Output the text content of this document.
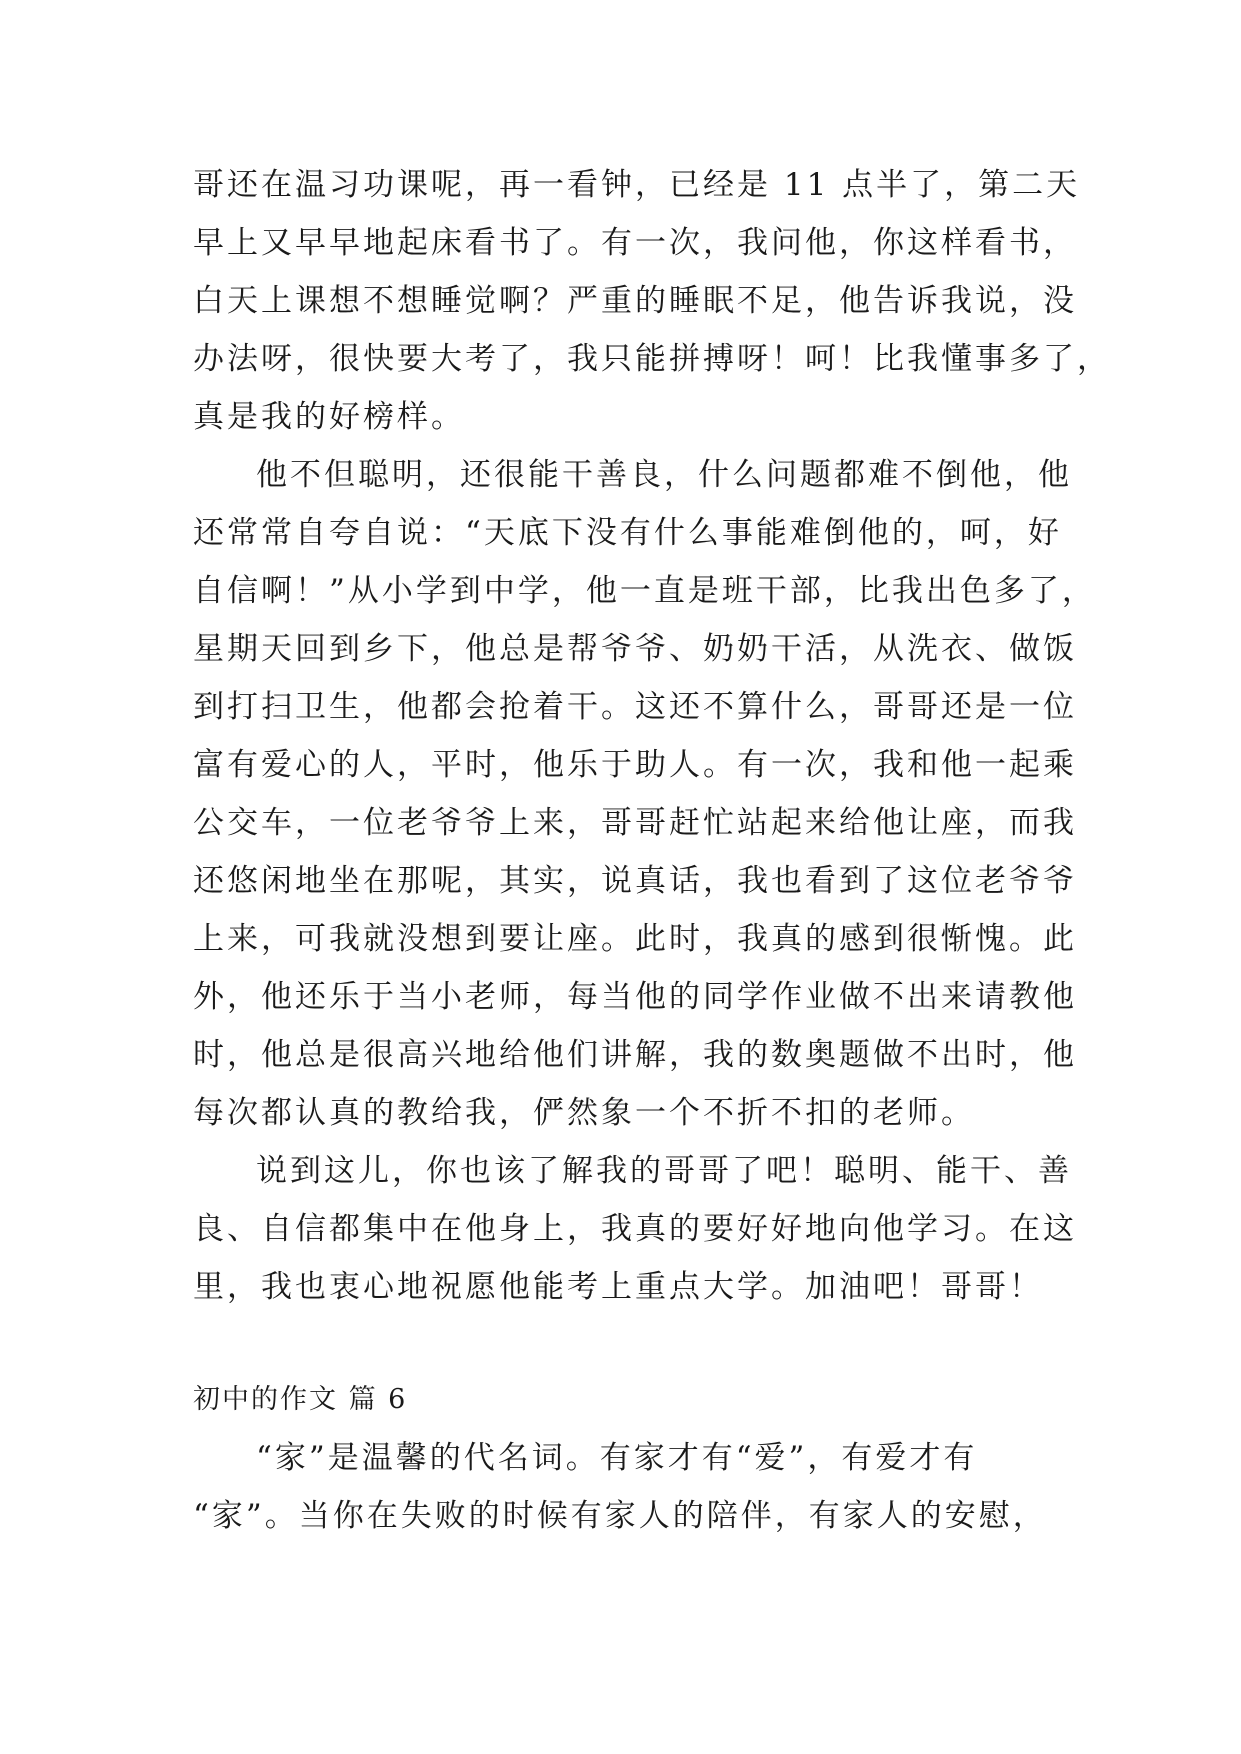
哥还在温习功课呢，再一看钟，已经是 11 点半了，第二天
早上又早早地起床看书了。有一次，我问他，你这样看书，
白天上课想不想睡觉啊？严重的睡眠不足，他告诉我说，没
办法呀，很快要大考了，我只能拼搏呀！呵！比我懂事多了，
真是我的好榜样。
他不但聪明，还很能干善良，什么问题都难不倒他，他
还常常自夸自说：“天底下没有什么事能难倒他的，呵，好
自信啊！”从小学到中学，他一直是班干部，比我出色多了，
星期天回到乡下，他总是帮爷爷、奶奶干活，从洗衣、做饭
到打扫卫生，他都会抢着干。这还不算什么，哥哥还是一位
富有爱心的人，平时，他乐于助人。有一次，我和他一起乘
公交车，一位老爷爷上来，哥哥赶忙站起来给他让座，而我
还悠闲地坐在那呢，其实，说真话，我也看到了这位老爷爷
上来，可我就没想到要让座。此时，我真的感到很惭愧。此
外，他还乐于当小老师，每当他的同学作业做不出来请教他
时，他总是很高兴地给他们讲解，我的数奥题做不出时，他
每次都认真的教给我，俨然象一个不折不扣的老师。
说到这儿，你也该了解我的哥哥了吧！聪明、能干、善
良、自信都集中在他身上，我真的要好好地向他学习。在这
里，我也衷心地祝愿他能考上重点大学。加油吧！哥哥！
初中的作文 篇 6
“家”是温馨的代名词。有家才有“爱”，有爱才有
“家”。当你在失败的时候有家人的陪伴，有家人的安慰，
